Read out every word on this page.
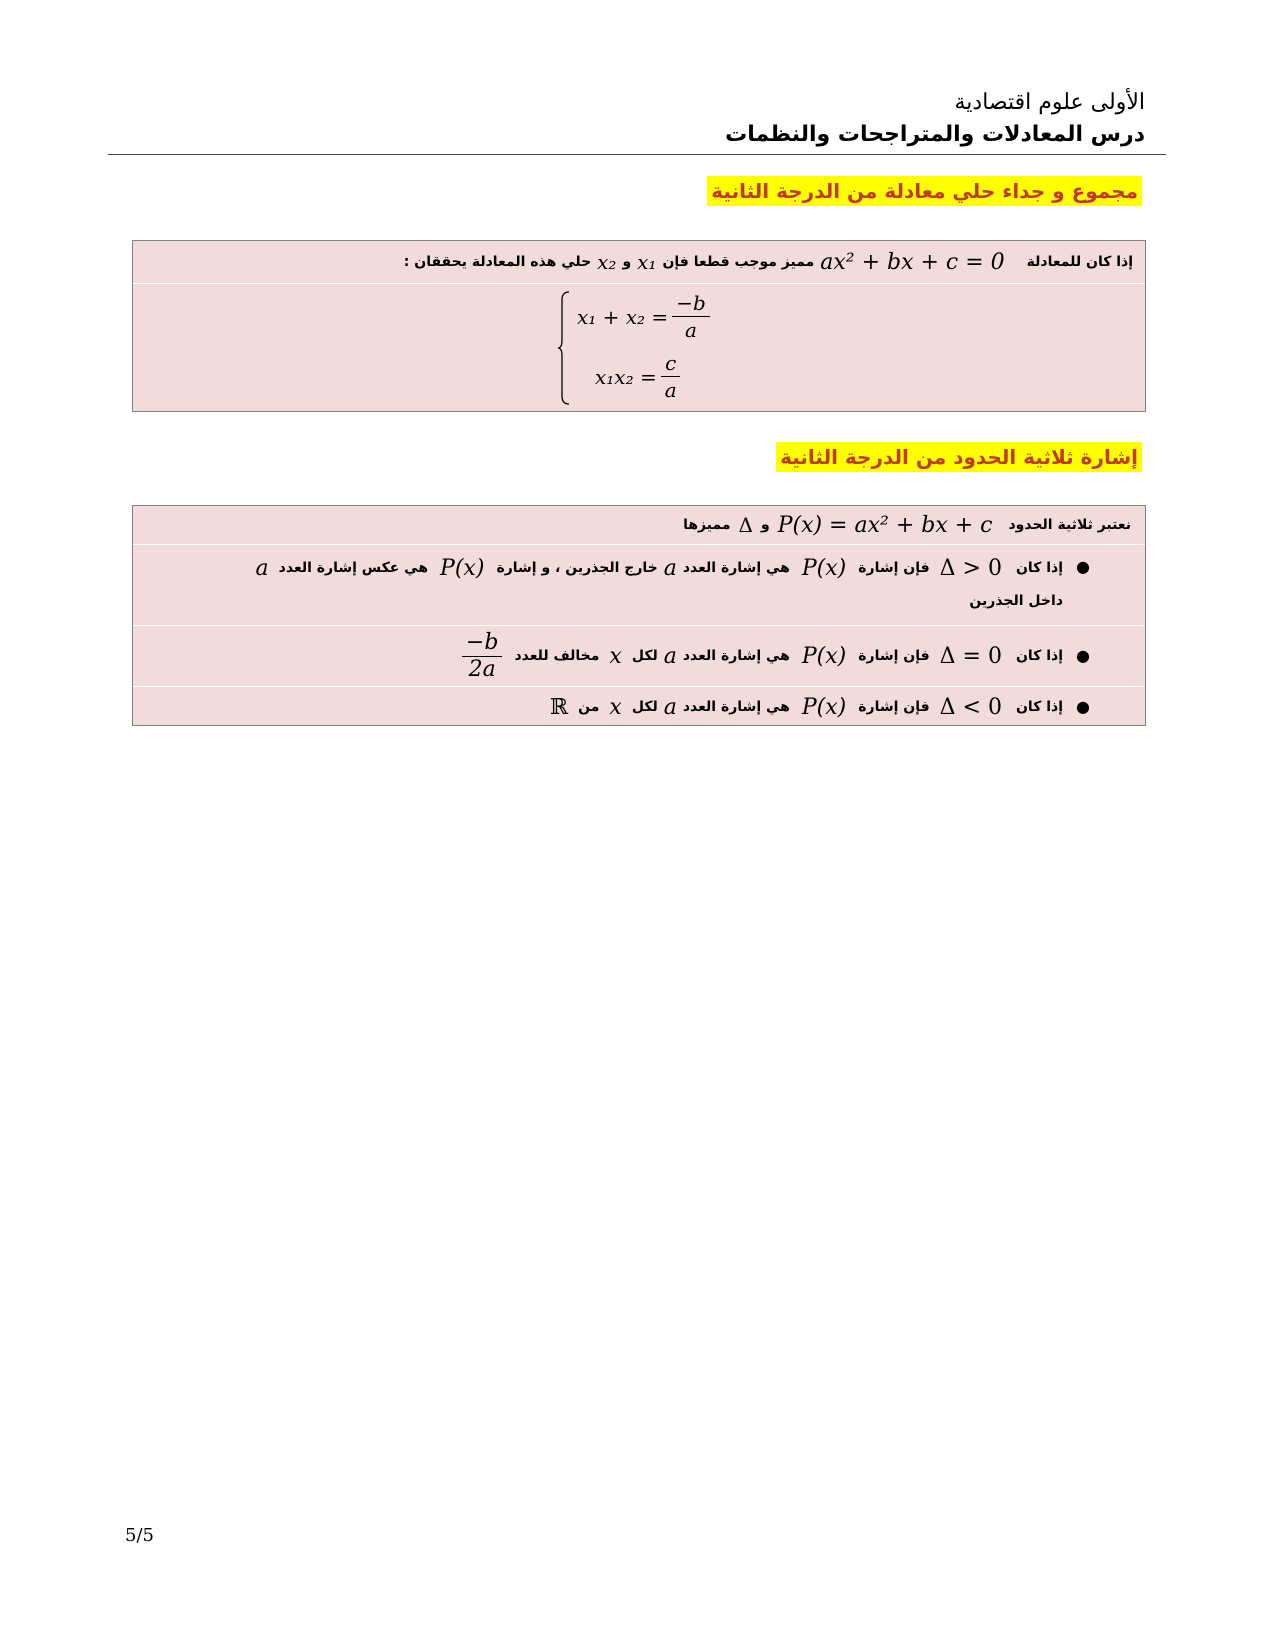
الأولى علوم اقتصادية
درس المعادلات والمتراجحات والنظمات
مجموع و جداء حلي معادلة من الدرجة الثانية
إذا كان للمعادلة
ax² + bx + c = 0
مميز موجب قطعا فإن
x₁
و
x₂
حلي هذه المعادلة يحققان :
$x_1 + x_2 = \frac{-b}{a}$
$x_1x_2 = \frac{c}{a}$
إشارة ثلاثية الحدود من الدرجة الثانية
نعتبر ثلاثية الحدود
P(x) = ax² + bx + c
و
Δ
مميزها
●
إذا كان
Δ > 0
فإن إشارة
P(x)
هي إشارة العدد
a
خارج الجذرين ، و إشارة
P(x)
هي عكس إشارة العدد
a
داخل الجذرين
●
إذا كان
Δ = 0
فإن إشارة
P(x)
هي إشارة العدد
a
لكل
x
مخالف للعدد
$\frac{-b}{2a}$
●
إذا كان
Δ < 0
فإن إشارة
P(x)
هي إشارة العدد
a
لكل
x
من
ℝ
5/5
